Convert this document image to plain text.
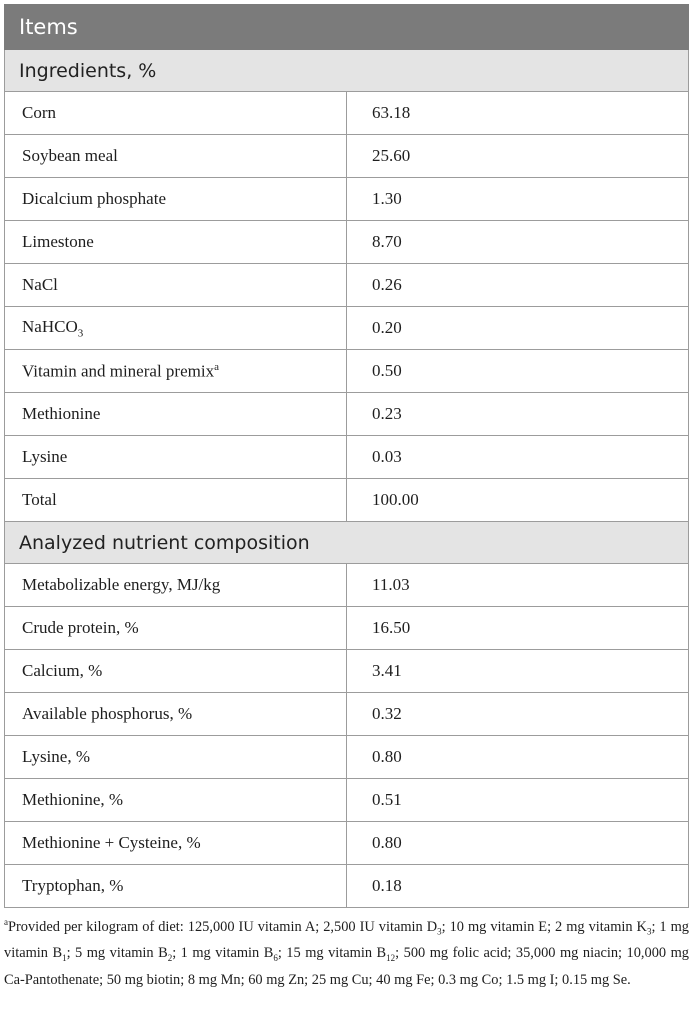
Items	
Ingredients, %	
Corn	63.18
Soybean meal	25.60
Dicalcium phosphate	1.30
Limestone	8.70
NaCl	0.26
NaHCO$_3$	0.20
Vitamin and mineral premix$^a$	0.50
Methionine	0.23
Lysine	0.03
Total	100.00
Analyzed nutrient composition	
Metabolizable energy, MJ/kg	11.03
Crude protein, %	16.50
Calcium, %	3.41
Available phosphorus, %	0.32
Lysine, %	0.80
Methionine, %	0.51
Methionine + Cysteine, %	0.80
Tryptophan, %	0.18
$^a$Provided per kilogram of diet: 125,000 IU vitamin A; 2,500 IU vitamin $D_3$; 10 mg vitamin E; 2 mg vitamin $K_3$; 1 mg vitamin $B_1$; 5 mg vitamin $B_2$; 1 mg vitamin $B_6$; 15 mg vitamin $B_{12}$; 500 mg folic acid; 35,000 mg niacin; 10,000 mg Ca-Pantothenate; 50 mg biotin; 8 mg Mn; 60 mg Zn; 25 mg Cu; 40 mg Fe; 0.3 mg Co; 1.5 mg I; 0.15 mg Se.
